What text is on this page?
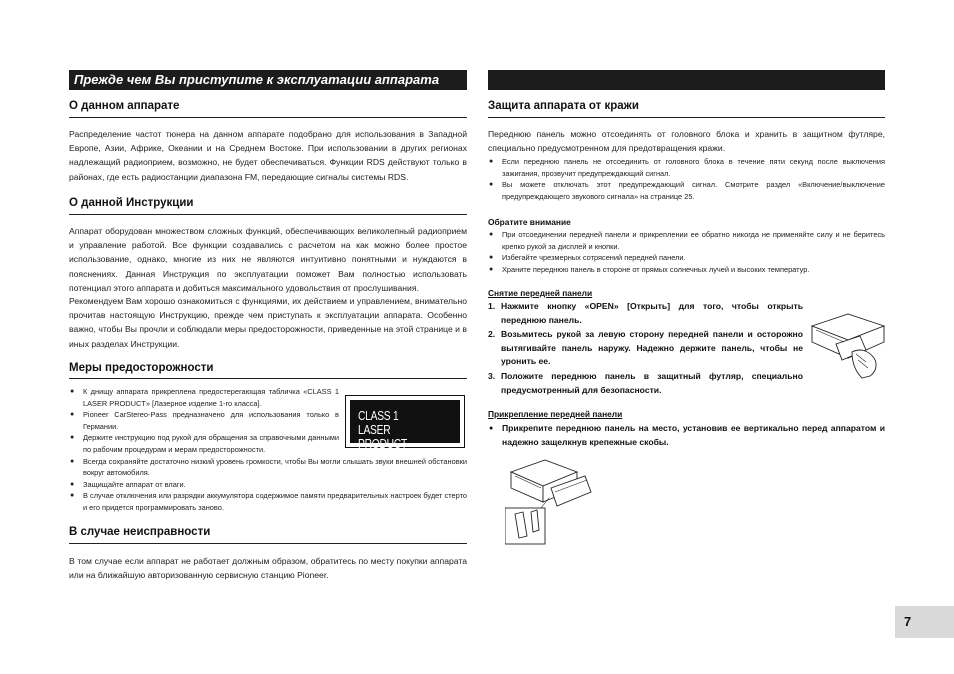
Прежде чем Вы приступите к эксплуатации аппарата
О данном аппарате
Распределение частот тюнера на данном аппарате подобрано для использования в Западной Европе, Азии, Африке, Океании и на Среднем Востоке. При использовании в других регионах надлежащий радиоприем, возможно, не будет обеспечиваться. Функции RDS действуют только в районах, где есть радиостанции диапазона FM, передающие сигналы системы RDS.
О данной Инструкции
Аппарат оборудован множеством сложных функций, обеспечивающих великолепный радиоприем и управление работой. Все функции создавались с расчетом на как можно более простое использование, однако, многие из них не являются интуитивно понятными и нуждаются в пояснениях. Данная Инструкция по эксплуатации поможет Вам полностью использовать потенциал этого аппарата и добиться максимального удовольствия от прослушивания.
Рекомендуем Вам хорошо ознакомиться с функциями, их действием и управлением, внимательно прочитав настоящую Инструкцию, прежде чем приступать к эксплуатации аппарата. Особенно важно, чтобы Вы прочли и соблюдали меры предосторожности, приведенные на этой странице и в иных разделах Инструкции.
Меры предосторожности
● К днищу аппарата прикреплена предостерегающая табличка «CLASS 1 LASER PRODUCT» [Лазерное изделие 1-го класса].
● Pioneer CarStereo-Pass предназначено для использования только в Германии.
● Держите инструкцию под рукой для обращения за справочными данными по рабочим процедурам и мерам предосторожности.
● Всегда сохраняйте достаточно низкий уровень громкости, чтобы Вы могли слышать звуки внешней обстановки вокруг автомобиля.
● Защищайте аппарат от влаги.
● В случае отключения или разрядки аккумулятора содержимое памяти предварительных настроек будет стерто и его придется программировать заново.
CLASS 1
LASER PRODUCT
В случае неисправности
В том случае если аппарат не работает должным образом, обратитесь по месту покупки аппарата или на ближайшую авторизованную сервисную станцию Pioneer.
Защита аппарата от кражи
Переднюю панель можно отсоединять от головного блока и хранить в защитном футляре, специально предусмотренном для предотвращения кражи.
● Если переднюю панель не отсоединить от головного блока в течение пяти секунд после выключения зажигания, прозвучит предупреждающий сигнал.
● Вы можете отключать этот предупреждающий сигнал. Смотрите раздел «Включение/выключение предупреждающего звукового сигнала» на странице 25.
Обратите внимание
● При отсоединении передней панели и прикреплении ее обратно никогда не применяйте силу и не беритесь крепко рукой за дисплей и кнопки.
● Избегайте чрезмерных сотрясений передней панели.
● Храните переднюю панель в стороне от прямых солнечных лучей и высоких температур.
Снятие передней панели
1. Нажмите кнопку «OPEN» [Открыть] для того, чтобы открыть переднюю панель.
2. Возьмитесь рукой за левую сторону передней панели и осторожно вытягивайте панель наружу. Надежно держите панель, чтобы не уронить ее.
3. Положите переднюю панель в защитный футляр, специально предусмотренный для безопасности.
Прикрепление передней панели
● Прикрепите переднюю панель на место, установив ее вертикально перед аппаратом и надежно защелкнув крепежные скобы.
7
